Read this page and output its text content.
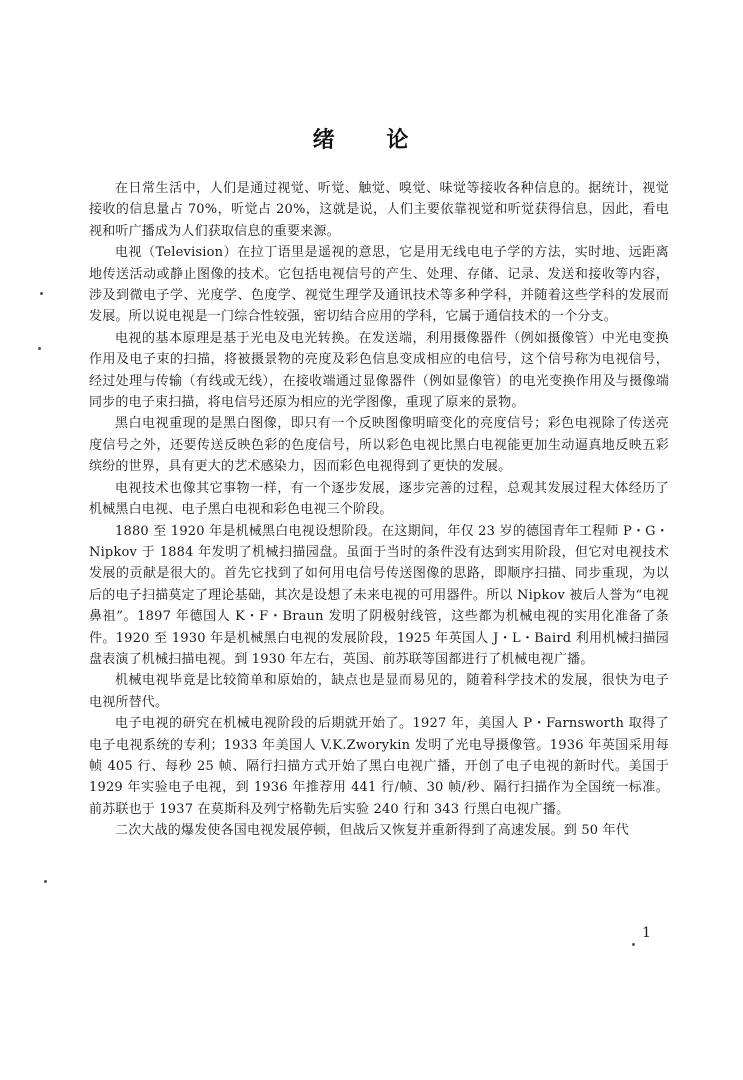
绪 论

在日常生活中，人们是通过视觉、听觉、触觉、嗅觉、味觉等接收各种信息的。据统计，视觉接收的信息量占 70%，听觉占 20%，这就是说，人们主要依靠视觉和听觉获得信息，因此，看电视和听广播成为人们获取信息的重要来源。

电视（Television）在拉丁语里是遥视的意思，它是用无线电电子学的方法，实时地、远距离地传送活动或静止图像的技术。它包括电视信号的产生、处理、存储、记录、发送和接收等内容，涉及到微电子学、光度学、色度学、视觉生理学及通讯技术等多种学科，并随着这些学科的发展而发展。所以说电视是一门综合性较强，密切结合应用的学科，它属于通信技术的一个分支。

电视的基本原理是基于光电及电光转换。在发送端，利用摄像器件（例如摄像管）中光电变换作用及电子束的扫描，将被摄景物的亮度及彩色信息变成相应的电信号，这个信号称为电视信号，经过处理与传输（有线或无线），在接收端通过显像器件（例如显像管）的电光变换作用及与摄像端同步的电子束扫描，将电信号还原为相应的光学图像，重现了原来的景物。

黑白电视重现的是黑白图像，即只有一个反映图像明暗变化的亮度信号；彩色电视除了传送亮度信号之外，还要传送反映色彩的色度信号，所以彩色电视比黑白电视能更加生动逼真地反映五彩缤纷的世界，具有更大的艺术感染力，因而彩色电视得到了更快的发展。

电视技术也像其它事物一样，有一个逐步发展，逐步完善的过程，总观其发展过程大体经历了机械黑白电视、电子黑白电视和彩色电视三个阶段。

1880 至 1920 年是机械黑白电视设想阶段。在这期间，年仅 23 岁的德国青年工程师 P・G・Nipkov 于 1884 年发明了机械扫描园盘。虽面于当时的条件没有达到实用阶段，但它对电视技术发展的贡献是很大的。首先它找到了如何用电信号传送图像的思路，即顺序扫描、同步重现，为以后的电子扫描莫定了理论基础，其次是设想了未来电视的可用器件。所以 Nipkov 被后人誉为“电视鼻祖”。1897 年德国人 K・F・Braun 发明了阴极射线管，这些都为机械电视的实用化准备了条件。1920 至 1930 年是机械黑白电视的发展阶段，1925 年英国人 J・L・Baird 利用机械扫描园盘表演了机械扫描电视。到 1930 年左右，英国、前苏联等国都进行了机械电视广播。

机械电视毕竟是比较简单和原始的，缺点也是显而易见的，随着科学技术的发展，很快为电子电视所替代。

电子电视的研究在机械电视阶段的后期就开始了。1927 年，美国人 P・Farnsworth 取得了电子电视系统的专利；1933 年美国人 V.K.Zworykin 发明了光电导摄像管。1936 年英国采用每帧 405 行、每秒 25 帧、隔行扫描方式开始了黑白电视广播，开创了电子电视的新时代。美国于 1929 年实验电子电视，到 1936 年推荐用 441 行/帧、30 帧/秒、隔行扫描作为全国统一标准。前苏联也于 1937 在莫斯科及列宁格勒先后实验 240 行和 343 行黑白电视广播。

二次大战的爆发使各国电视发展停顿，但战后又恢复并重新得到了高速发展。到 50 年代

1
